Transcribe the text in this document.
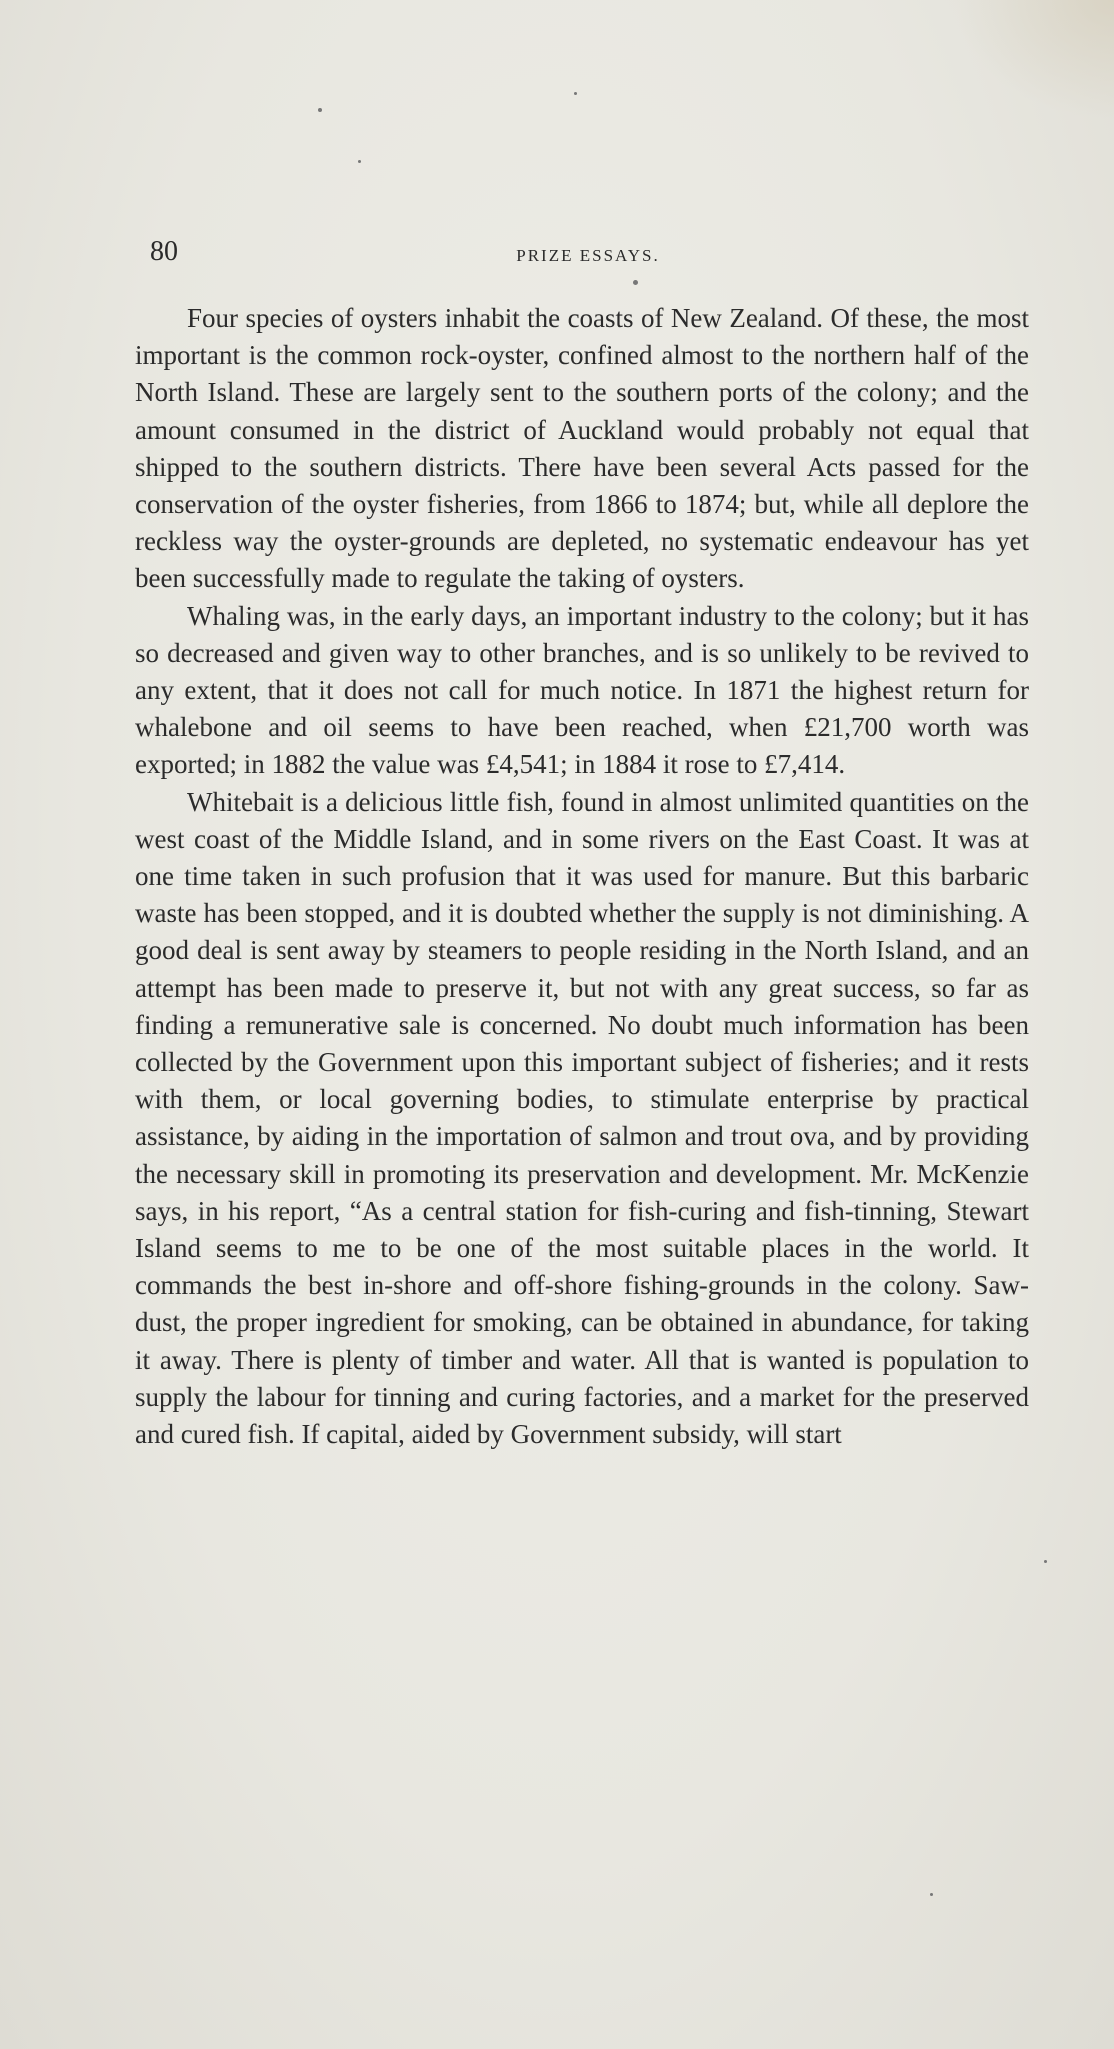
80	PRIZE ESSAYS.

Four species of oysters inhabit the coasts of New Zealand. Of these, the most important is the common rock-oyster, confined almost to the northern half of the North Island. These are largely sent to the southern ports of the colony; and the amount consumed in the district of Auckland would probably not equal that shipped to the southern districts. There have been several Acts passed for the conservation of the oyster fisheries, from 1866 to 1874; but, while all deplore the reckless way the oyster-grounds are depleted, no systematic endeavour has yet been successfully made to regulate the taking of oysters.

Whaling was, in the early days, an important industry to the colony; but it has so decreased and given way to other branches, and is so unlikely to be revived to any extent, that it does not call for much notice. In 1871 the highest return for whalebone and oil seems to have been reached, when £21,700 worth was exported; in 1882 the value was £4,541; in 1884 it rose to £7,414.

Whitebait is a delicious little fish, found in almost unlimited quantities on the west coast of the Middle Island, and in some rivers on the East Coast. It was at one time taken in such profusion that it was used for manure. But this barbaric waste has been stopped, and it is doubted whether the supply is not diminishing. A good deal is sent away by steamers to people residing in the North Island, and an attempt has been made to preserve it, but not with any great success, so far as finding a remunerative sale is concerned. No doubt much information has been collected by the Government upon this important subject of fisheries; and it rests with them, or local governing bodies, to stimulate enterprise by practical assistance, by aiding in the importation of salmon and trout ova, and by providing the necessary skill in promoting its preservation and development. Mr. McKenzie says, in his report, “As a central station for fish-curing and fish-tinning, Stewart Island seems to me to be one of the most suitable places in the world. It commands the best in-shore and off-shore fishing-grounds in the colony. Saw-dust, the proper ingredient for smoking, can be obtained in abundance, for taking it away. There is plenty of timber and water. All that is wanted is population to supply the labour for tinning and curing factories, and a market for the preserved and cured fish. If capital, aided by Government subsidy, will start
